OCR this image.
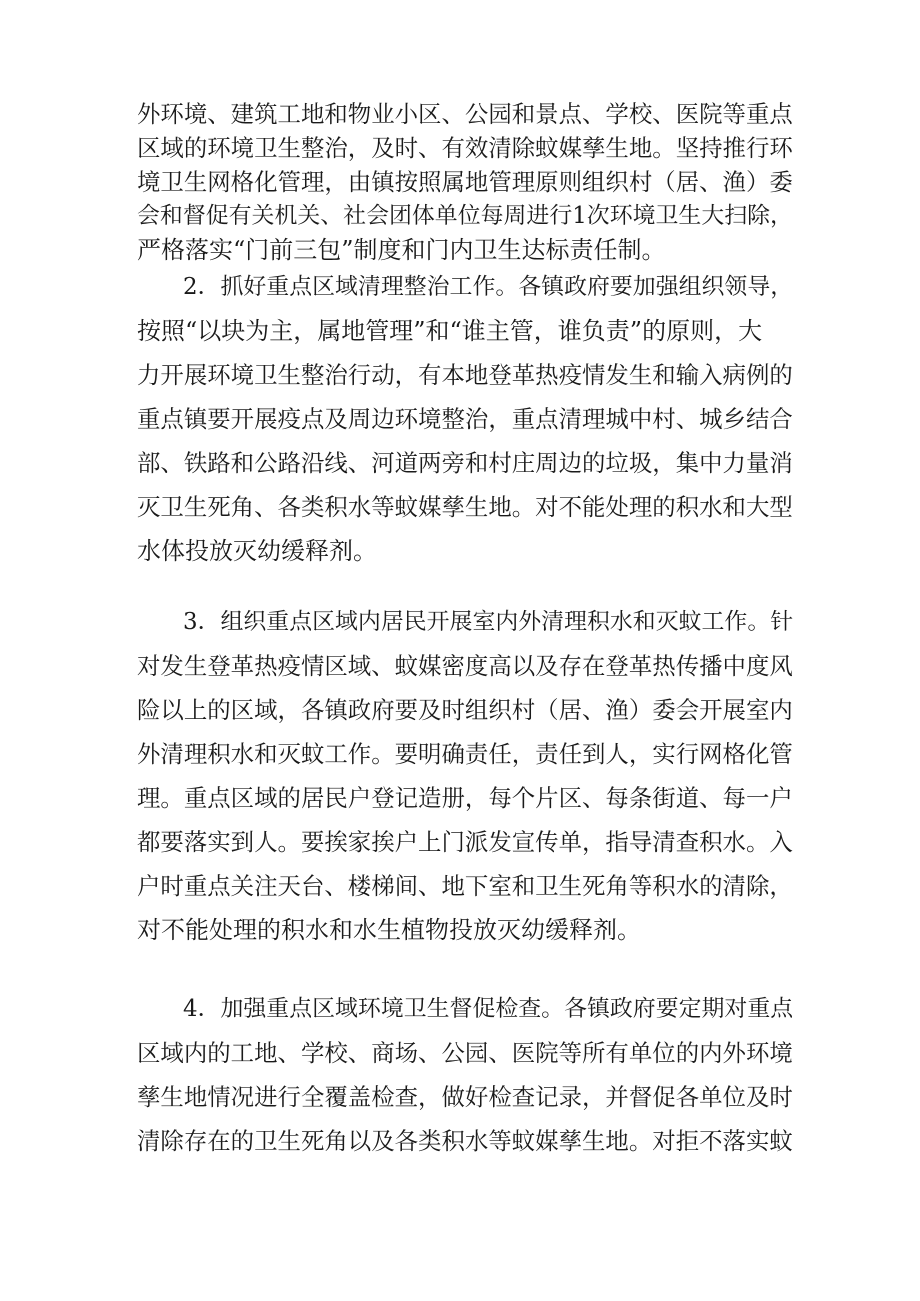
外环境、建筑工地和物业小区、公园和景点、学校、医院等重点
区域的环境卫生整治，及时、有效清除蚊媒孳生地。坚持推行环
境卫生网格化管理，由镇按照属地管理原则组织村（居、渔）委
会和督促有关机关、社会团体单位每周进行1次环境卫生大扫除，
严格落实“门前三包”制度和门内卫生达标责任制。
2．抓好重点区域清理整治工作。各镇政府要加强组织领导，
按照“以块为主，属地管理”和“谁主管，谁负责”的原则，大
力开展环境卫生整治行动，有本地登革热疫情发生和输入病例的
重点镇要开展疫点及周边环境整治，重点清理城中村、城乡结合
部、铁路和公路沿线、河道两旁和村庄周边的垃圾，集中力量消
灭卫生死角、各类积水等蚊媒孳生地。对不能处理的积水和大型
水体投放灭幼缓释剂。
3．组织重点区域内居民开展室内外清理积水和灭蚊工作。针
对发生登革热疫情区域、蚊媒密度高以及存在登革热传播中度风
险以上的区域，各镇政府要及时组织村（居、渔）委会开展室内
外清理积水和灭蚊工作。要明确责任，责任到人，实行网格化管
理。重点区域的居民户登记造册，每个片区、每条街道、每一户
都要落实到人。要挨家挨户上门派发宣传单，指导清查积水。入
户时重点关注天台、楼梯间、地下室和卫生死角等积水的清除，
对不能处理的积水和水生植物投放灭幼缓释剂。
4．加强重点区域环境卫生督促检查。各镇政府要定期对重点
区域内的工地、学校、商场、公园、医院等所有单位的内外环境
孳生地情况进行全覆盖检查，做好检查记录，并督促各单位及时
清除存在的卫生死角以及各类积水等蚊媒孳生地。对拒不落实蚊
